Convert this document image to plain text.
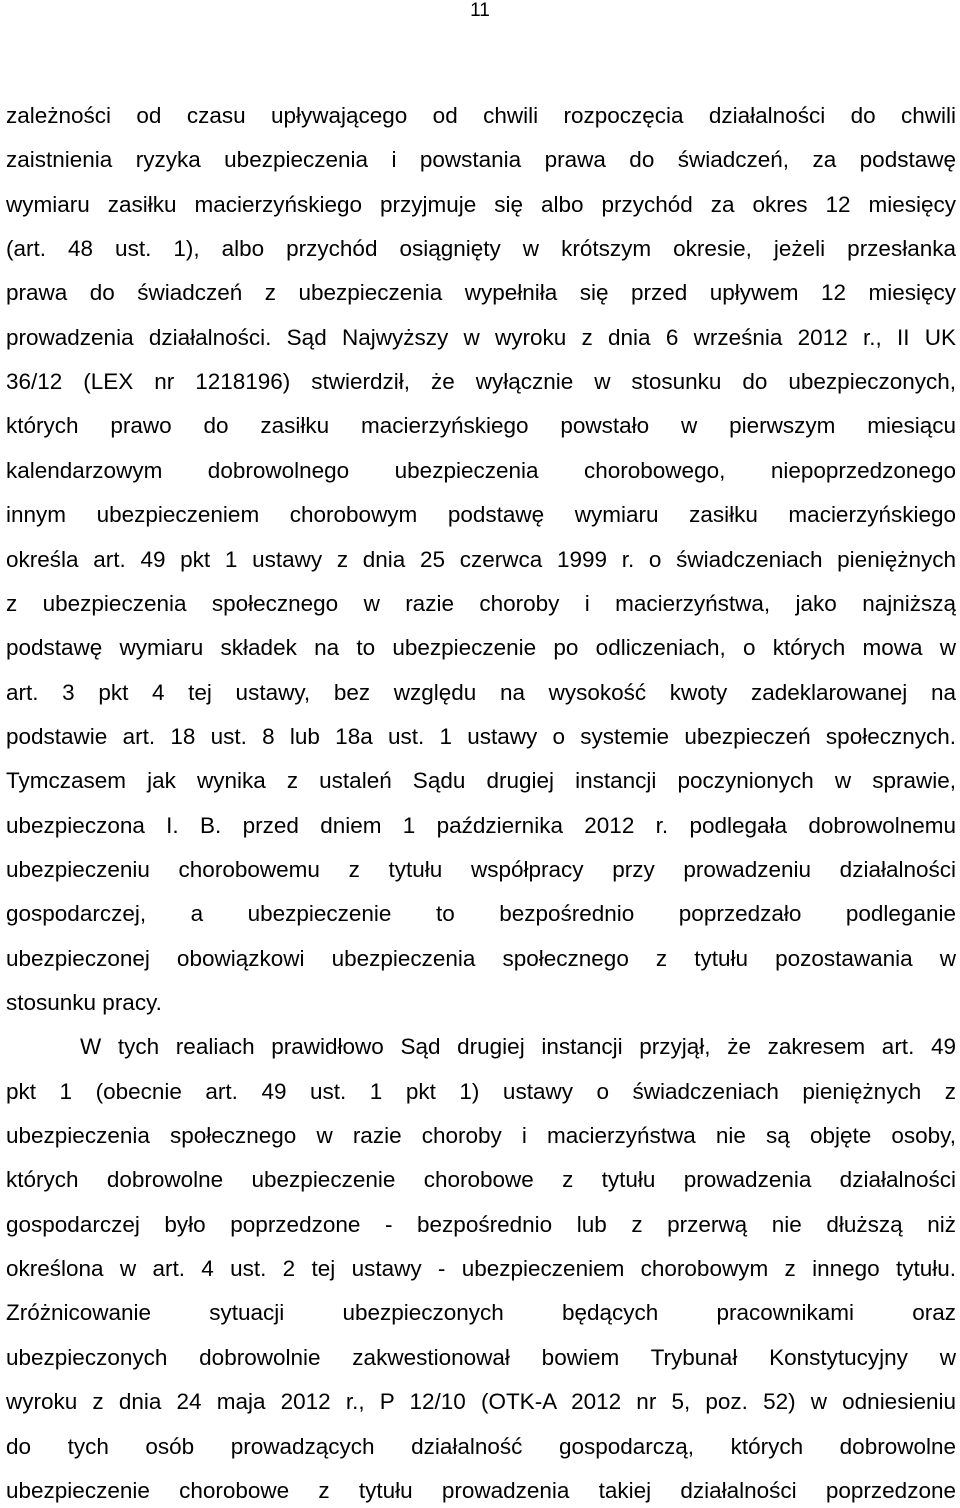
11
zależności od czasu upływającego od chwili rozpoczęcia działalności do chwili
zaistnienia ryzyka ubezpieczenia i powstania prawa do świadczeń, za podstawę
wymiaru zasiłku macierzyńskiego przyjmuje się albo przychód za okres 12 miesięcy
(art. 48 ust. 1), albo przychód osiągnięty w krótszym okresie, jeżeli przesłanka
prawa do świadczeń z ubezpieczenia wypełniła się przed upływem 12 miesięcy
prowadzenia działalności. Sąd Najwyższy w wyroku z dnia 6 września 2012 r., II UK
36/12 (LEX nr 1218196) stwierdził, że wyłącznie w stosunku do ubezpieczonych,
których prawo do zasiłku macierzyńskiego powstało w pierwszym miesiącu
kalendarzowym dobrowolnego ubezpieczenia chorobowego, niepoprzedzonego
innym ubezpieczeniem chorobowym podstawę wymiaru zasiłku macierzyńskiego
określa art. 49 pkt 1 ustawy z dnia 25 czerwca 1999 r. o świadczeniach pieniężnych
z ubezpieczenia społecznego w razie choroby i macierzyństwa, jako najniższą
podstawę wymiaru składek na to ubezpieczenie po odliczeniach, o których mowa w
art. 3 pkt 4 tej ustawy, bez względu na wysokość kwoty zadeklarowanej na
podstawie art. 18 ust. 8 lub 18a ust. 1 ustawy o systemie ubezpieczeń społecznych.
Tymczasem jak wynika z ustaleń Sądu drugiej instancji poczynionych w sprawie,
ubezpieczona I. B. przed dniem 1 października 2012 r. podlegała dobrowolnemu
ubezpieczeniu chorobowemu z tytułu współpracy przy prowadzeniu działalności
gospodarczej, a ubezpieczenie to bezpośrednio poprzedzało podleganie
ubezpieczonej obowiązkowi ubezpieczenia społecznego z tytułu pozostawania w
stosunku pracy.
W tych realiach prawidłowo Sąd drugiej instancji przyjął, że zakresem art. 49
pkt 1 (obecnie art. 49 ust. 1 pkt 1) ustawy o świadczeniach pieniężnych z
ubezpieczenia społecznego w razie choroby i macierzyństwa nie są objęte osoby,
których dobrowolne ubezpieczenie chorobowe z tytułu prowadzenia działalności
gospodarczej było poprzedzone - bezpośrednio lub z przerwą nie dłuższą niż
określona w art. 4 ust. 2 tej ustawy - ubezpieczeniem chorobowym z innego tytułu.
Zróżnicowanie sytuacji ubezpieczonych będących pracownikami oraz
ubezpieczonych dobrowolnie zakwestionował bowiem Trybunał Konstytucyjny w
wyroku z dnia 24 maja 2012 r., P 12/10 (OTK-A 2012 nr 5, poz. 52) w odniesieniu
do tych osób prowadzących działalność gospodarczą, których dobrowolne
ubezpieczenie chorobowe z tytułu prowadzenia takiej działalności poprzedzone
